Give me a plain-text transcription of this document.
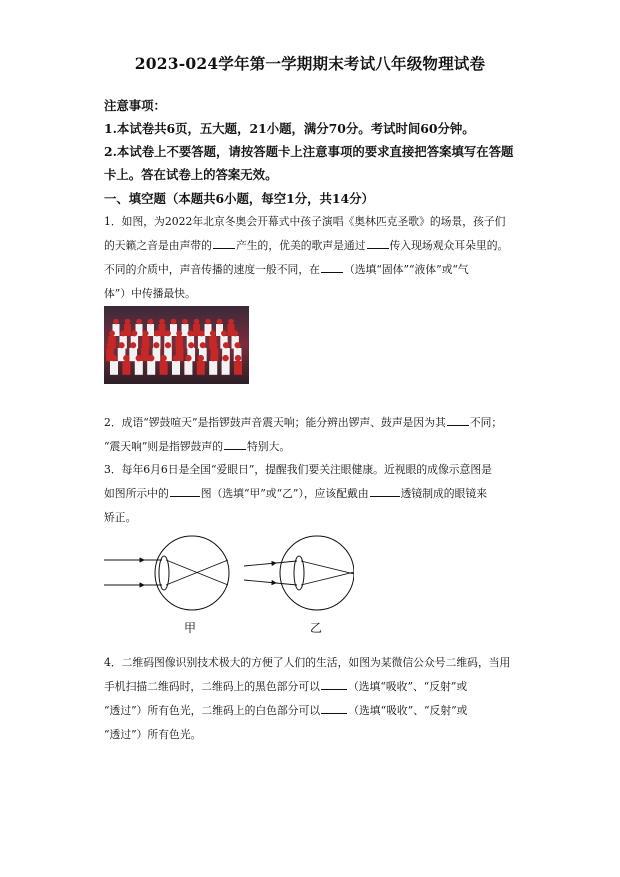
2023-024学年第一学期期末考试八年级物理试卷
注意事项：
1.本试卷共6页，五大题，21小题，满分70分。考试时间60分钟。
2.本试卷上不要答题，请按答题卡上注意事项的要求直接把答案填写在答题
卡上。答在试卷上的答案无效。
一、填空题（本题共6小题，每空1分，共14分）
1．如图，为2022年北京冬奥会开幕式中孩子演唱《奥林匹克圣歌》的场景，孩子们
的天籁之音是由声带的 产生的，优美的歌声是通过 传入现场观众耳朵里的。
不同的介质中，声音传播的速度一般不同，在 （选填“固体”“液体”或“气
体”）中传播最快。
2．成语“锣鼓喧天”是指锣鼓声音震天响；能分辨出锣声、鼓声是因为其 不同；
“震天响”则是指锣鼓声的 特别大。
3．每年6月6日是全国“爱眼日”，提醒我们要关注眼健康。近视眼的成像示意图是
如图所示中的	图（选填“甲”或“乙”），应该配戴由	透镜制成的眼镜来
矫正。
甲	乙
4．二维码图像识别技术极大的方便了人们的生活，如图为某微信公众号二维码，当用
手机扫描二维码时，二维码上的黑色部分可以	（选填“吸收”、“反射”或
“透过”）所有色光，二维码上的白色部分可以	（选填“吸收”、“反射”或
“透过”）所有色光。
